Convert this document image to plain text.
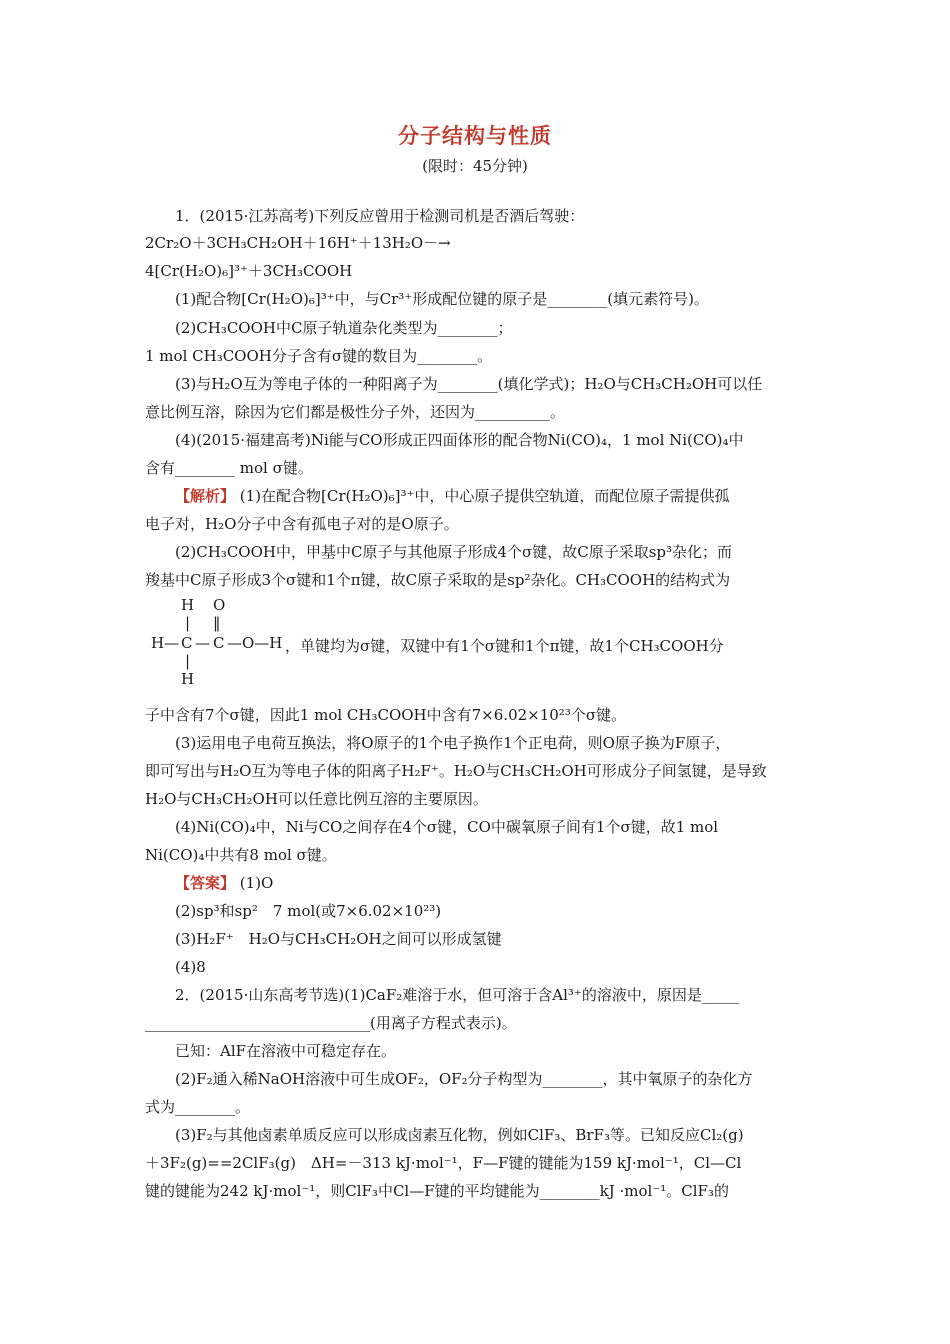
分子结构与性质
(限时：45分钟)
1．(2015·江苏高考)下列反应曾用于检测司机是否酒后驾驶：
2Cr₂O＋3CH₃CH₂OH＋16H⁺＋13H₂O－→
4[Cr(H₂O)₆]³⁺＋3CH₃COOH
(1)配合物[Cr(H₂O)₆]³⁺中，与Cr³⁺形成配位键的原子是________(填元素符号)。
(2)CH₃COOH中C原子轨道杂化类型为________；
1 mol CH₃COOH分子含有σ键的数目为________。
(3)与H₂O互为等电子体的一种阳离子为________(填化学式)；H₂O与CH₃CH₂OH可以任
意比例互溶，除因为它们都是极性分子外，还因为__________。
(4)(2015·福建高考)Ni能与CO形成正四面体形的配合物Ni(CO)₄，1 mol Ni(CO)₄中
含有________ mol σ键。
【解析】 (1)在配合物[Cr(H₂O)₆]³⁺中，中心原子提供空轨道，而配位原子需提供孤
电子对，H₂O分子中含有孤电子对的是O原子。
(2)CH₃COOH中，甲基中C原子与其他原子形成4个σ键，故C原子采取sp³杂化；而
羧基中C原子形成3个σ键和1个π键，故C原子采取的是sp²杂化。CH₃COOH的结构式为
H O
| ‖
H— C — C —O—H
|
H
，单键均为σ键，双键中有1个σ键和1个π键，故1个CH₃COOH分
子中含有7个σ键，因此1 mol CH₃COOH中含有7×6.02×10²³个σ键。
(3)运用电子电荷互换法，将O原子的1个电子换作1个正电荷，则O原子换为F原子，
即可写出与H₂O互为等电子体的阳离子H₂F⁺。H₂O与CH₃CH₂OH可形成分子间氢键，是导致
H₂O与CH₃CH₂OH可以任意比例互溶的主要原因。
(4)Ni(CO)₄中，Ni与CO之间存在4个σ键，CO中碳氧原子间有1个σ键，故1 mol
Ni(CO)₄中共有8 mol σ键。
【答案】 (1)O
(2)sp³和sp²　7 mol(或7×6.02×10²³)
(3)H₂F⁺　H₂O与CH₃CH₂OH之间可以形成氢键
(4)8
2．(2015·山东高考节选)(1)CaF₂难溶于水，但可溶于含Al³⁺的溶液中，原因是_____
______________________________(用离子方程式表示)。
已知：AlF在溶液中可稳定存在。
(2)F₂通入稀NaOH溶液中可生成OF₂，OF₂分子构型为________，其中氧原子的杂化方
式为________。
(3)F₂与其他卤素单质反应可以形成卤素互化物，例如ClF₃、BrF₃等。已知反应Cl₂(g)
＋3F₂(g)==2ClF₃(g)　ΔH=－313 kJ·mol⁻¹，F—F键的键能为159 kJ·mol⁻¹，Cl—Cl
键的键能为242 kJ·mol⁻¹，则ClF₃中Cl—F键的平均键能为________kJ ·mol⁻¹。ClF₃的
